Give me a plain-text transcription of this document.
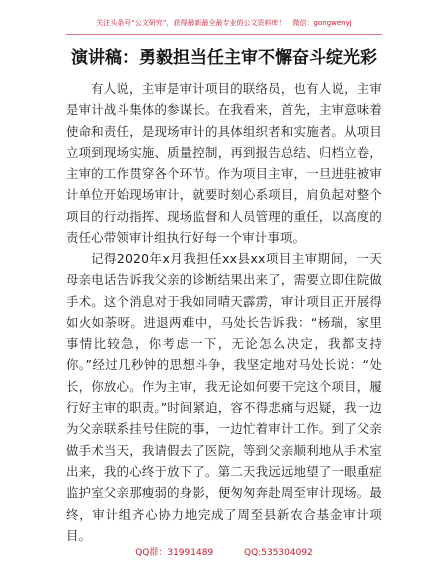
关注头条号“公文研究”，获得最新最全最专业的公文资料库！　微信：gongwenyj
演讲稿：勇毅担当任主审不懈奋斗绽光彩

有人说，主审是审计项目的联络员，也有人说，主审是审计战斗集体的参谋长。在我看来，首先，主审意味着使命和责任，是现场审计的具体组织者和实施者。从项目立项到现场实施、质量控制，再到报告总结、归档立卷，主审的工作贯穿各个环节。作为项目主审，一旦进驻被审计单位开始现场审计，就要时刻心系项目，肩负起对整个项目的行动指挥、现场监督和人员管理的重任，以高度的责任心带领审计组执行好每一个审计事项。

记得2020年x月我担任xx县xx项目主审期间，一天母亲电话告诉我父亲的诊断结果出来了，需要立即住院做手术。这个消息对于我如同晴天霹雳，审计项目正开展得如火如荼呀。进退两难中，马处长告诉我：“杨瑞，家里事情比较急，你考虑一下，无论怎么决定，我都支持你。”经过几秒钟的思想斗争，我坚定地对马处长说：“处长，你放心。作为主审，我无论如何要干完这个项目，履行好主审的职责。”时间紧迫，容不得悲痛与迟疑，我一边为父亲联系挂号住院的事，一边忙着审计工作。到了父亲做手术当天，我请假去了医院，等到父亲顺利地从手术室出来，我的心终于放下了。第二天我远远地望了一眼重症监护室父亲那瘦弱的身影，便匆匆奔赴周至审计现场。最终，审计组齐心协力地完成了周至县新农合基金审计项目。

QQ群：31991489	QQ:535304092
